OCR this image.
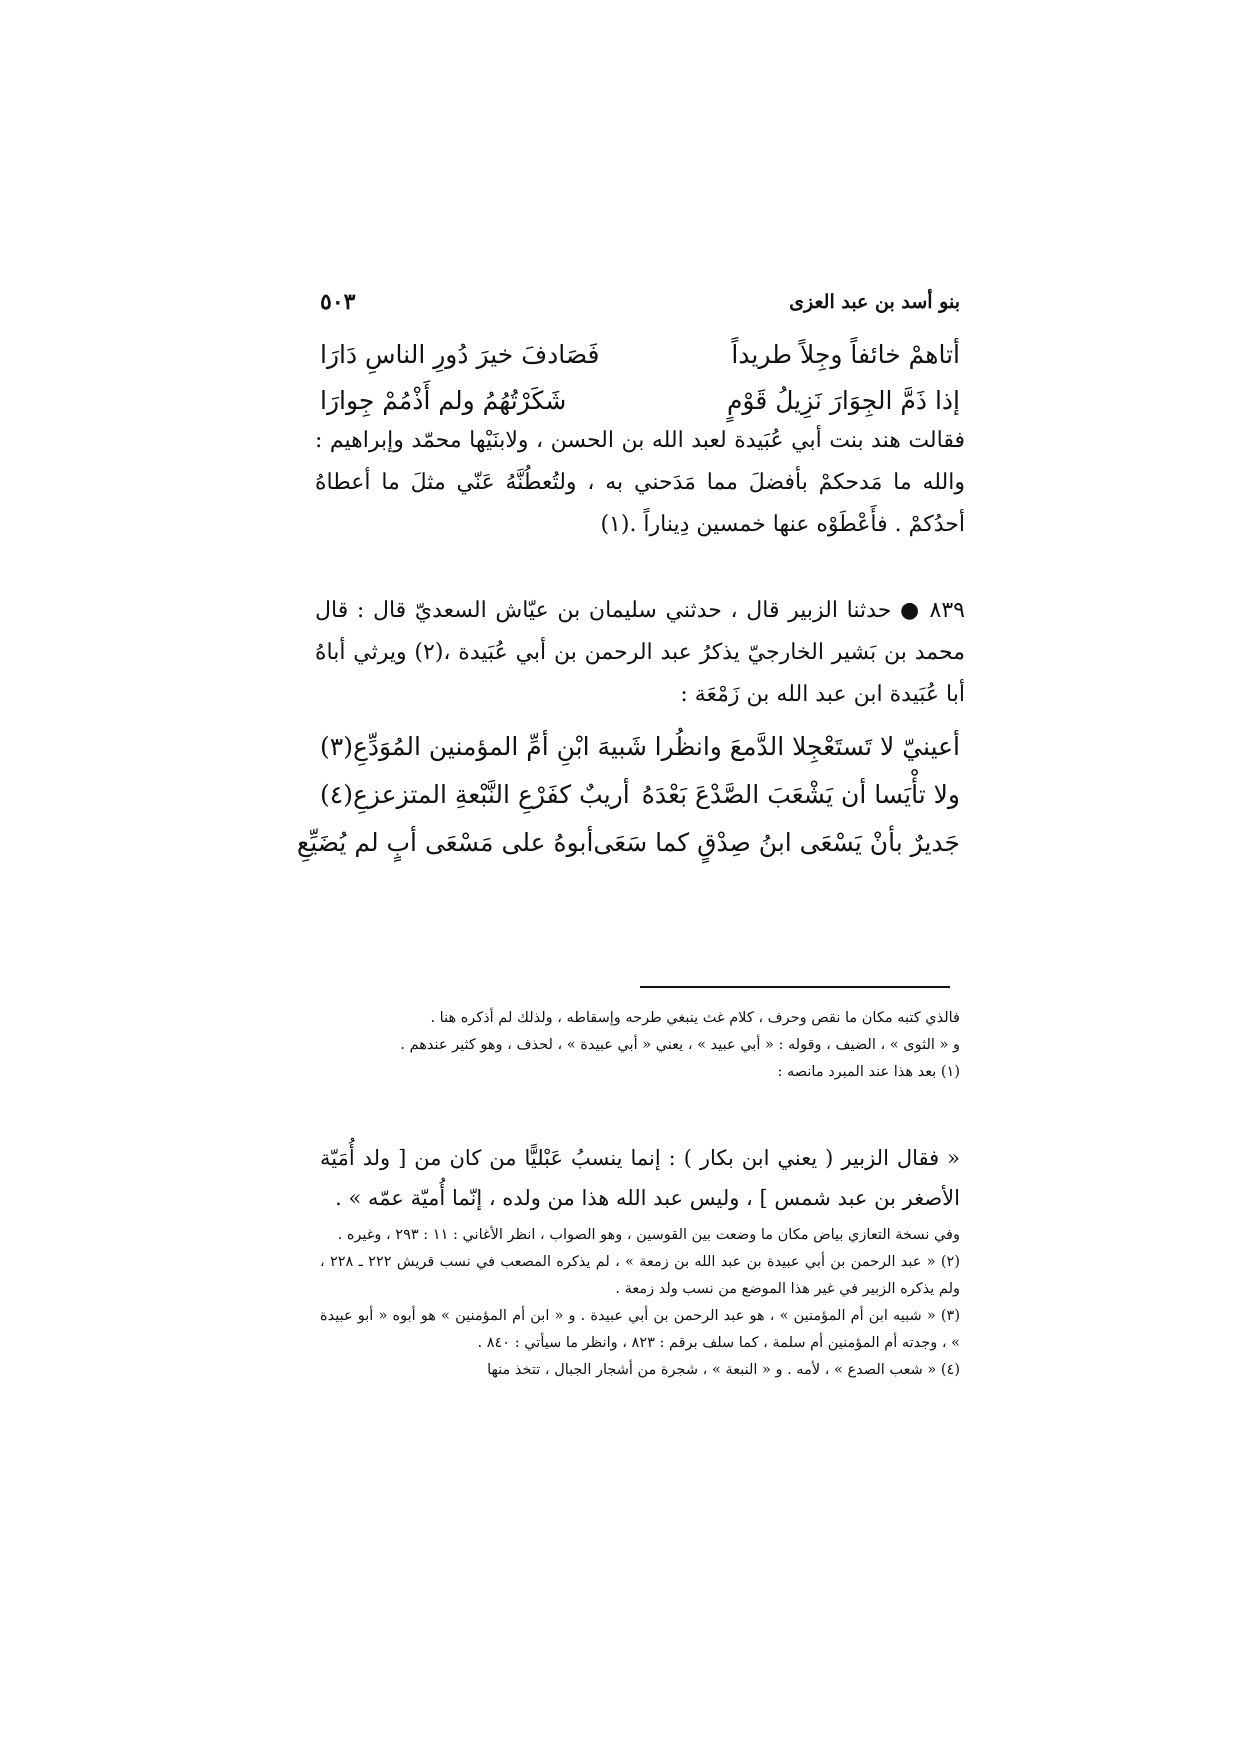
٥٠٣	بنو أسد بن عبد العزى
أتاهمْ خائفاً وجِلاً طريداً
فَصَادفَ خيرَ دُورِ الناسِ دَارَا
إذا ذَمَّ الجِوَارَ نَزِيلُ قَوْمٍ
شَكَرْتُهُمُ ولم أَذْمُمْ جِوارَا

فقالت هند بنت أبي عُبَيدة لعبد الله بن الحسن ، ولابنَيْها محمّد وإبراهيم : والله ما مَدحكمْ بأفضلَ مما مَدَحني به ، ولتُعطُنَّهُ عَنّي مثلَ ما أعطاهُ أحدُكمْ . فأَعْطَوْه عنها خمسين دِيناراً .(١)

٨٣٩ ● حدثنا الزبير قال ، حدثني سليمان بن عيّاش السعديّ قال : قال محمد بن بَشير الخارجيّ يذكرُ عبد الرحمن بن أبي عُبَيدة ،(٢) ويرثي أباهُ أبا عُبَيدة ابن عبد الله بن زَمْعَة :

أعينيّ لا تَستَعْجِلا الدَّمعَ وانظُرا
شَبيهَ ابْنِ أمِّ المؤمنين المُوَدِّعِ(٣)
ولا تأْيَسا أن يَشْعَبَ الصَّدْعَ بَعْدَهُ
أريبٌ كفَرْعِ النَّبْعةِ المتزعزعِ(٤)
جَديرٌ بأنْ يَسْعَى ابنُ صِدْقٍ كما سَعَى
أبوهُ على مَسْعَى أبٍ لم يُضَيِّعِ

فالذي كتبه مكان ما نقص وحرف ، كلام غث ينبغي طرحه وإسقاطه ، ولذلك لم أذكره هنا .

و « الثوى » ، الضيف ، وقوله : « أبي عبيد » ، يعني « أبي عبيدة » ، لحذف ، وهو كثير عندهم .

(١) بعد هذا عند المبرد مانصه :

« فقال الزبير ( يعني ابن بكار ) : إنما ينسبُ عَبْليًّا من كان من [ ولد أُمَيّة الأصغر بن عبد شمس ] ، وليس عبد الله هذا من ولده ، إنّما أُميّة عمّه » .

وفي نسخة التعازي بياض مكان ما وضعت بين القوسين ، وهو الصواب ، انظر الأغاني : ١١ : ٢٩٣ ، وغيره .

(٢) « عبد الرحمن بن أبي عبيدة بن عبد الله بن زمعة » ، لم يذكره المصعب في نسب قريش ٢٢٢ ـ ٢٢٨ ، ولم يذكره الزبير في غير هذا الموضع من نسب ولد زمعة .

(٣) « شبيه ابن أم المؤمنين » ، هو عبد الرحمن بن أبي عبيدة . و « ابن أم المؤمنين » هو أبوه « أبو عبيدة » ، وجدته أم المؤمنين أم سلمة ، كما سلف برقم : ٨٢٣ ، وانظر ما سيأتي : ٨٤٠ .

(٤) « شعب الصدع » ، لأمه . و « النبعة » ، شجرة من أشجار الجبال ، تتخذ منها
